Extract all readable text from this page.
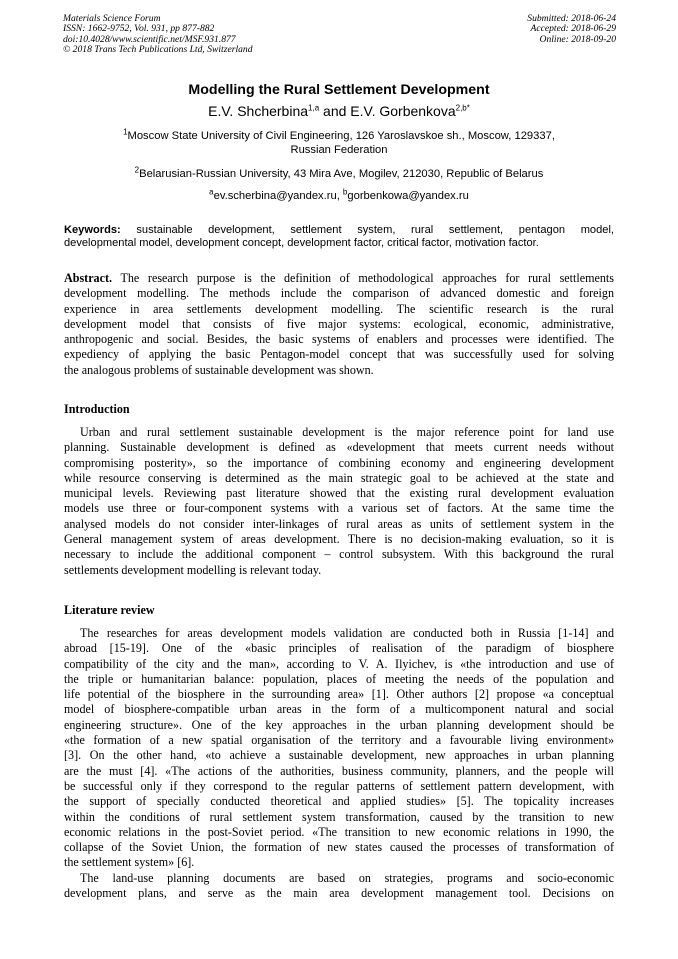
Materials Science Forum
ISSN: 1662-9752, Vol. 931, pp 877-882
doi:10.4028/www.scientific.net/MSF.931.877
© 2018 Trans Tech Publications Ltd, Switzerland
Submitted: 2018-06-24
Accepted: 2018-06-29
Online: 2018-09-20
Modelling the Rural Settlement Development
E.V. Shcherbina$^{1,a}$ and E.V. Gorbenkova$^{2,b*}$
$^1$Moscow State University of Civil Engineering, 126 Yaroslavskoe sh., Moscow, 129337,
Russian Federation
$^2$Belarusian-Russian University, 43 Mira Ave, Mogilev, 212030, Republic of Belarus
$^a$ev.scherbina@yandex.ru, $^b$gorbenkowa@yandex.ru
Keywords: sustainable development, settlement system, rural settlement, pentagon model,
developmental model, development concept, development factor, critical factor, motivation factor.
Abstract. The research purpose is the definition of methodological approaches for rural settlements
development modelling. The methods include the comparison of advanced domestic and foreign
experience in area settlements development modelling. The scientific research is the rural
development model that consists of five major systems: ecological, economic, administrative,
anthropogenic and social. Besides, the basic systems of enablers and processes were identified. The
expediency of applying the basic Pentagon-model concept that was successfully used for solving
the analogous problems of sustainable development was shown.
Introduction
Urban and rural settlement sustainable development is the major reference point for land use
planning. Sustainable development is defined as «development that meets current needs without
compromising posterity», so the importance of combining economy and engineering development
while resource conserving is determined as the main strategic goal to be achieved at the state and
municipal levels. Reviewing past literature showed that the existing rural development evaluation
models use three or four-component systems with a various set of factors. At the same time the
analysed models do not consider inter-linkages of rural areas as units of settlement system in the
General management system of areas development. There is no decision-making evaluation, so it is
necessary to include the additional component – control subsystem. With this background the rural
settlements development modelling is relevant today.
Literature review
The researches for areas development models validation are conducted both in Russia [1-14] and
abroad [15-19]. One of the «basic principles of realisation of the paradigm of biosphere
compatibility of the city and the man», according to V. A. Ilyichev, is «the introduction and use of
the triple or humanitarian balance: population, places of meeting the needs of the population and
life potential of the biosphere in the surrounding area» [1]. Other authors [2] propose «a conceptual
model of biosphere-compatible urban areas in the form of a multicomponent natural and social
engineering structure». One of the key approaches in the urban planning development should be
«the formation of a new spatial organisation of the territory and a favourable living environment»
[3]. On the other hand, «to achieve a sustainable development, new approaches in urban planning
are the must [4]. «The actions of the authorities, business community, planners, and the people will
be successful only if they correspond to the regular patterns of settlement pattern development, with
the support of specially conducted theoretical and applied studies» [5]. The topicality increases
within the conditions of rural settlement system transformation, caused by the transition to new
economic relations in the post-Soviet period. «The transition to new economic relations in 1990, the
collapse of the Soviet Union, the formation of new states caused the processes of transformation of
the settlement system» [6].
The land-use planning documents are based on strategies, programs and socio-economic
development plans, and serve as the main area development management tool. Decisions on
